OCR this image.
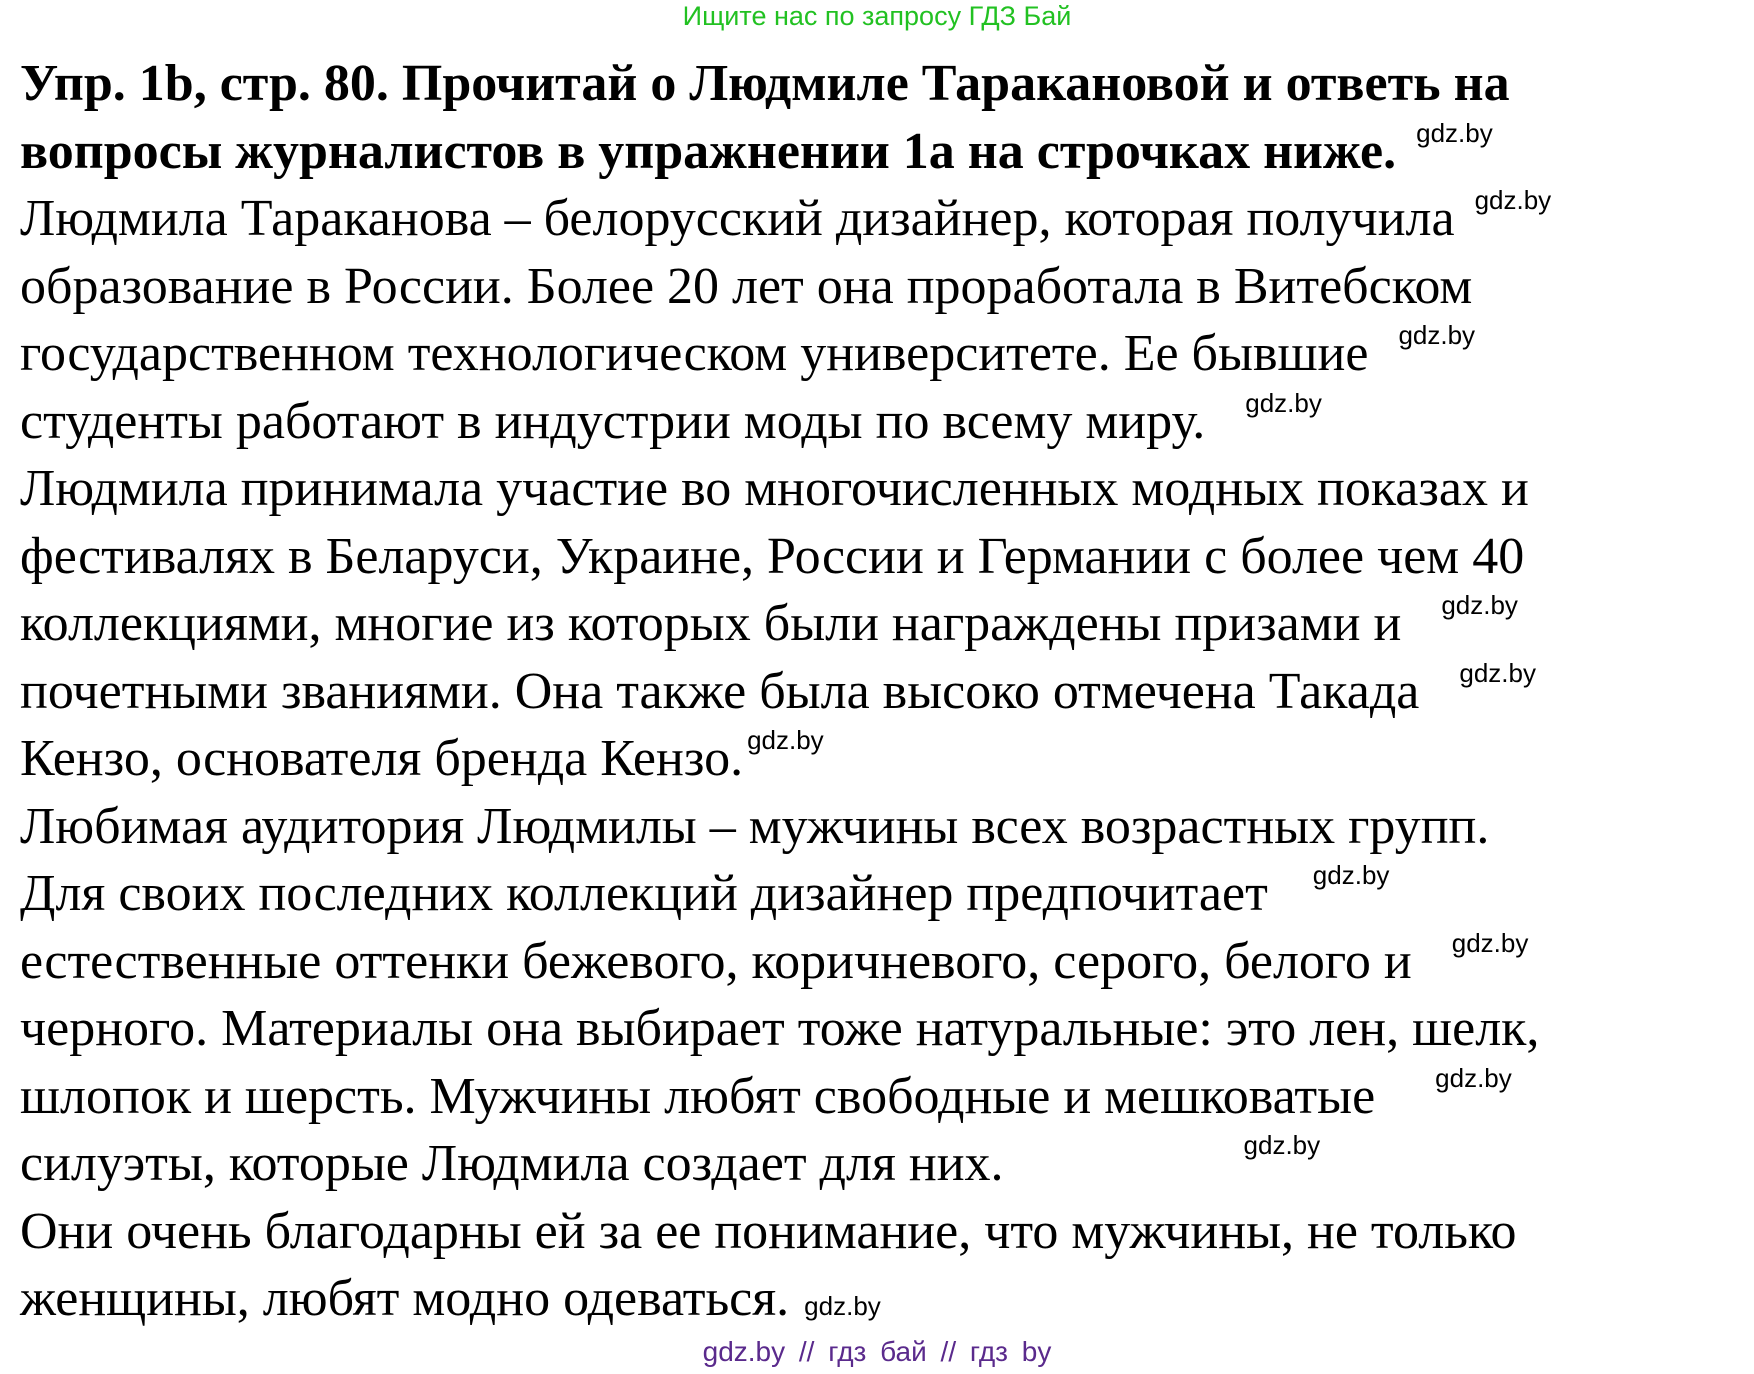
Ищите нас по запросу ГДЗ Бай
Упр. 1b, стр. 80. Прочитай о Людмиле Таракановой и ответь на
вопросы журналистов в упражнении 1a на строчках ниже. gdz.by
Людмила Тараканова – белорусский дизайнер, которая получила gdz.by
образование в России. Более 20 лет она проработала в Витебском
государственном технологическом университете. Ее бывшие gdz.by
студенты работают в индустрии моды по всему миру. gdz.by
Людмила принимала участие во многочисленных модных показах и
фестивалях в Беларуси, Украине, России и Германии с более чем 40
коллекциями, многие из которых были награждены призами и gdz.by
почетными званиями. Она также была высоко отмечена Такада gdz.by
Кензо, основателя бренда Кензо. gdz.by
Любимая аудитория Людмилы – мужчины всех возрастных групп.
Для своих последних коллекций дизайнер предпочитает gdz.by
естественные оттенки бежевого, коричневого, серого, белого и gdz.by
черного. Материалы она выбирает тоже натуральные: это лен, шелк,
шлопок и шерсть. Мужчины любят свободные и мешковатые gdz.by
силуэты, которые Людмила создает для них.	gdz.by
Они очень благодарны ей за ее понимание, что мужчины, не только
женщины, любят модно одеваться. gdz.by
gdz.by // гдз бай // гдз by
